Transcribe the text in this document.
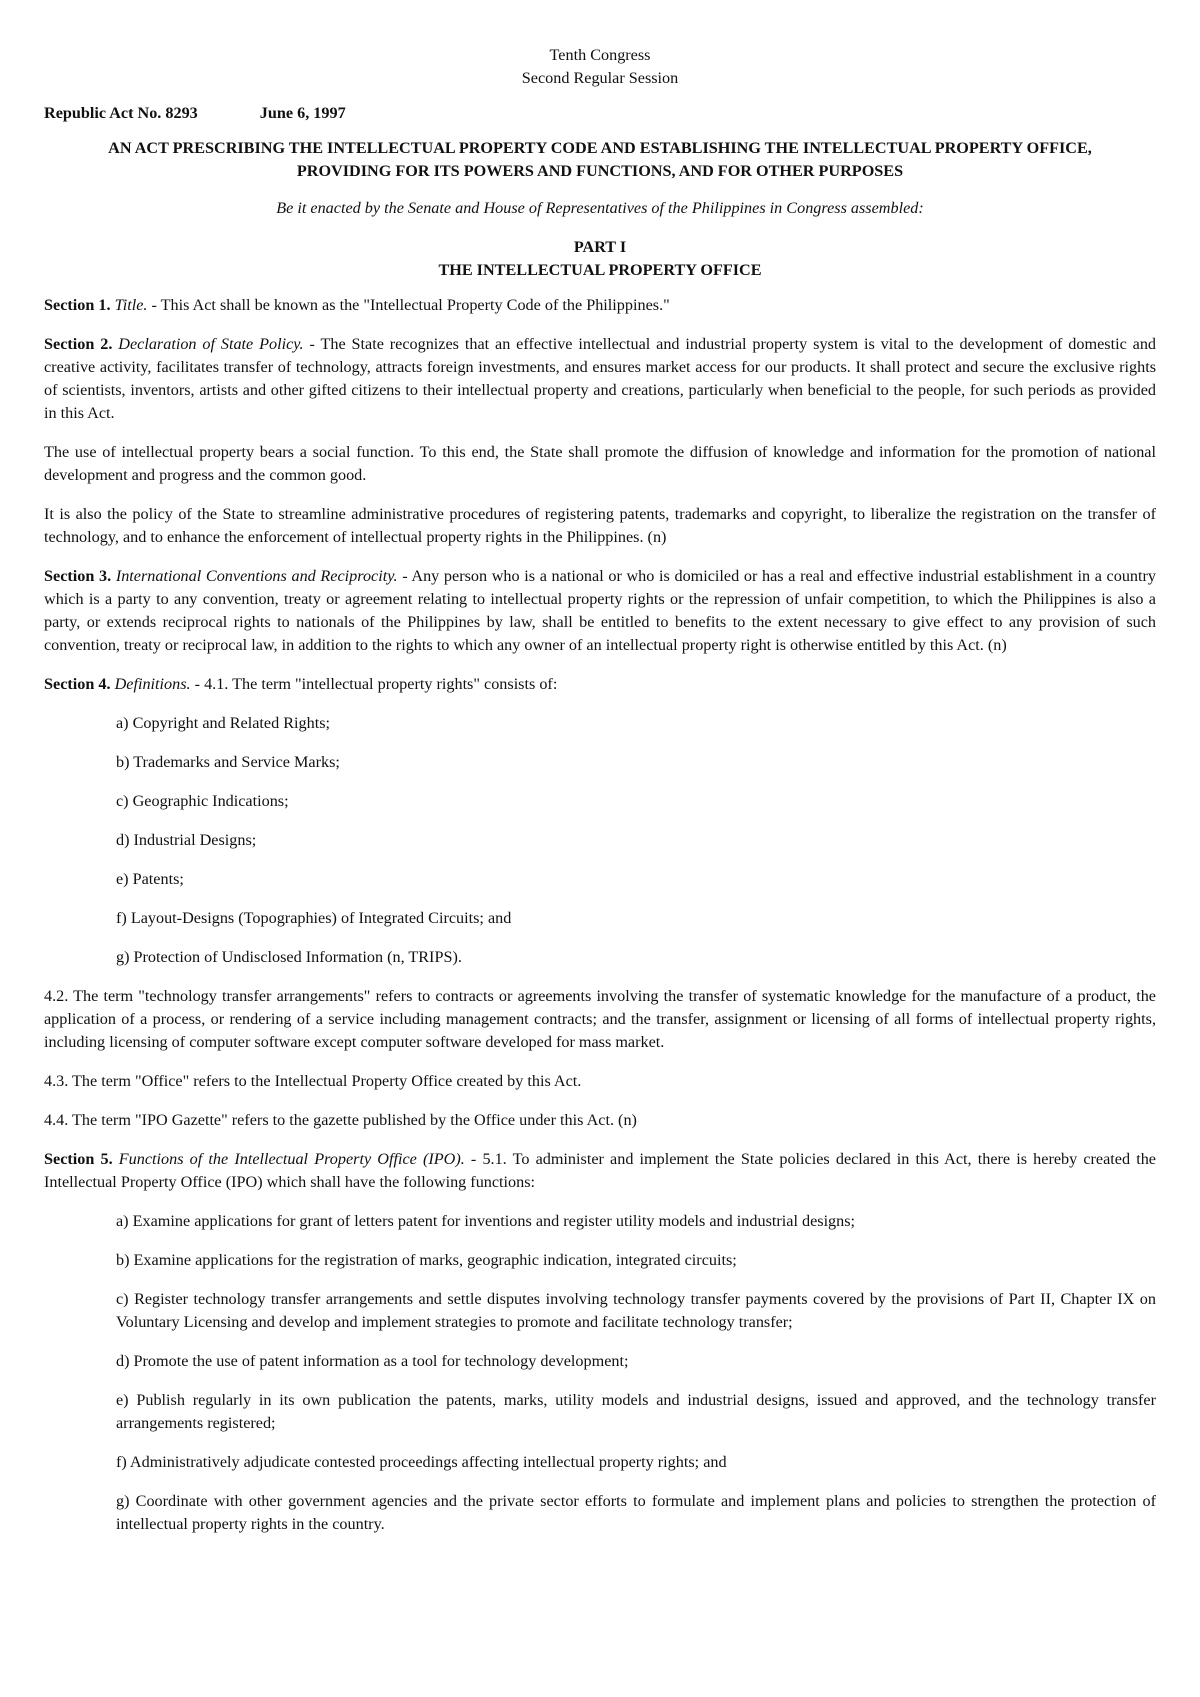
Tenth Congress
Second Regular Session
Republic Act No. 8293	June 6, 1997
AN ACT PRESCRIBING THE INTELLECTUAL PROPERTY CODE AND ESTABLISHING THE INTELLECTUAL PROPERTY OFFICE, PROVIDING FOR ITS POWERS AND FUNCTIONS, AND FOR OTHER PURPOSES
Be it enacted by the Senate and House of Representatives of the Philippines in Congress assembled:
PART I
THE INTELLECTUAL PROPERTY OFFICE

Section 1. Title. - This Act shall be known as the "Intellectual Property Code of the Philippines."

Section 2. Declaration of State Policy. - The State recognizes that an effective intellectual and industrial property system is vital to the development of domestic and creative activity, facilitates transfer of technology, attracts foreign investments, and ensures market access for our products. It shall protect and secure the exclusive rights of scientists, inventors, artists and other gifted citizens to their intellectual property and creations, particularly when beneficial to the people, for such periods as provided in this Act.

The use of intellectual property bears a social function. To this end, the State shall promote the diffusion of knowledge and information for the promotion of national development and progress and the common good.

It is also the policy of the State to streamline administrative procedures of registering patents, trademarks and copyright, to liberalize the registration on the transfer of technology, and to enhance the enforcement of intellectual property rights in the Philippines. (n)

Section 3. International Conventions and Reciprocity. - Any person who is a national or who is domiciled or has a real and effective industrial establishment in a country which is a party to any convention, treaty or agreement relating to intellectual property rights or the repression of unfair competition, to which the Philippines is also a party, or extends reciprocal rights to nationals of the Philippines by law, shall be entitled to benefits to the extent necessary to give effect to any provision of such convention, treaty or reciprocal law, in addition to the rights to which any owner of an intellectual property right is otherwise entitled by this Act. (n)

Section 4. Definitions. - 4.1. The term "intellectual property rights" consists of:

a) Copyright and Related Rights;
b) Trademarks and Service Marks;
c) Geographic Indications;
d) Industrial Designs;
e) Patents;
f) Layout-Designs (Topographies) of Integrated Circuits; and
g) Protection of Undisclosed Information (n, TRIPS).

4.2. The term "technology transfer arrangements" refers to contracts or agreements involving the transfer of systematic knowledge for the manufacture of a product, the application of a process, or rendering of a service including management contracts; and the transfer, assignment or licensing of all forms of intellectual property rights, including licensing of computer software except computer software developed for mass market.

4.3. The term "Office" refers to the Intellectual Property Office created by this Act.

4.4. The term "IPO Gazette" refers to the gazette published by the Office under this Act. (n)

Section 5. Functions of the Intellectual Property Office (IPO). - 5.1. To administer and implement the State policies declared in this Act, there is hereby created the Intellectual Property Office (IPO) which shall have the following functions:

a) Examine applications for grant of letters patent for inventions and register utility models and industrial designs;
b) Examine applications for the registration of marks, geographic indication, integrated circuits;
c) Register technology transfer arrangements and settle disputes involving technology transfer payments covered by the provisions of Part II, Chapter IX on Voluntary Licensing and develop and implement strategies to promote and facilitate technology transfer;
d) Promote the use of patent information as a tool for technology development;
e) Publish regularly in its own publication the patents, marks, utility models and industrial designs, issued and approved, and the technology transfer arrangements registered;
f) Administratively adjudicate contested proceedings affecting intellectual property rights; and
g) Coordinate with other government agencies and the private sector efforts to formulate and implement plans and policies to strengthen the protection of intellectual property rights in the country.
